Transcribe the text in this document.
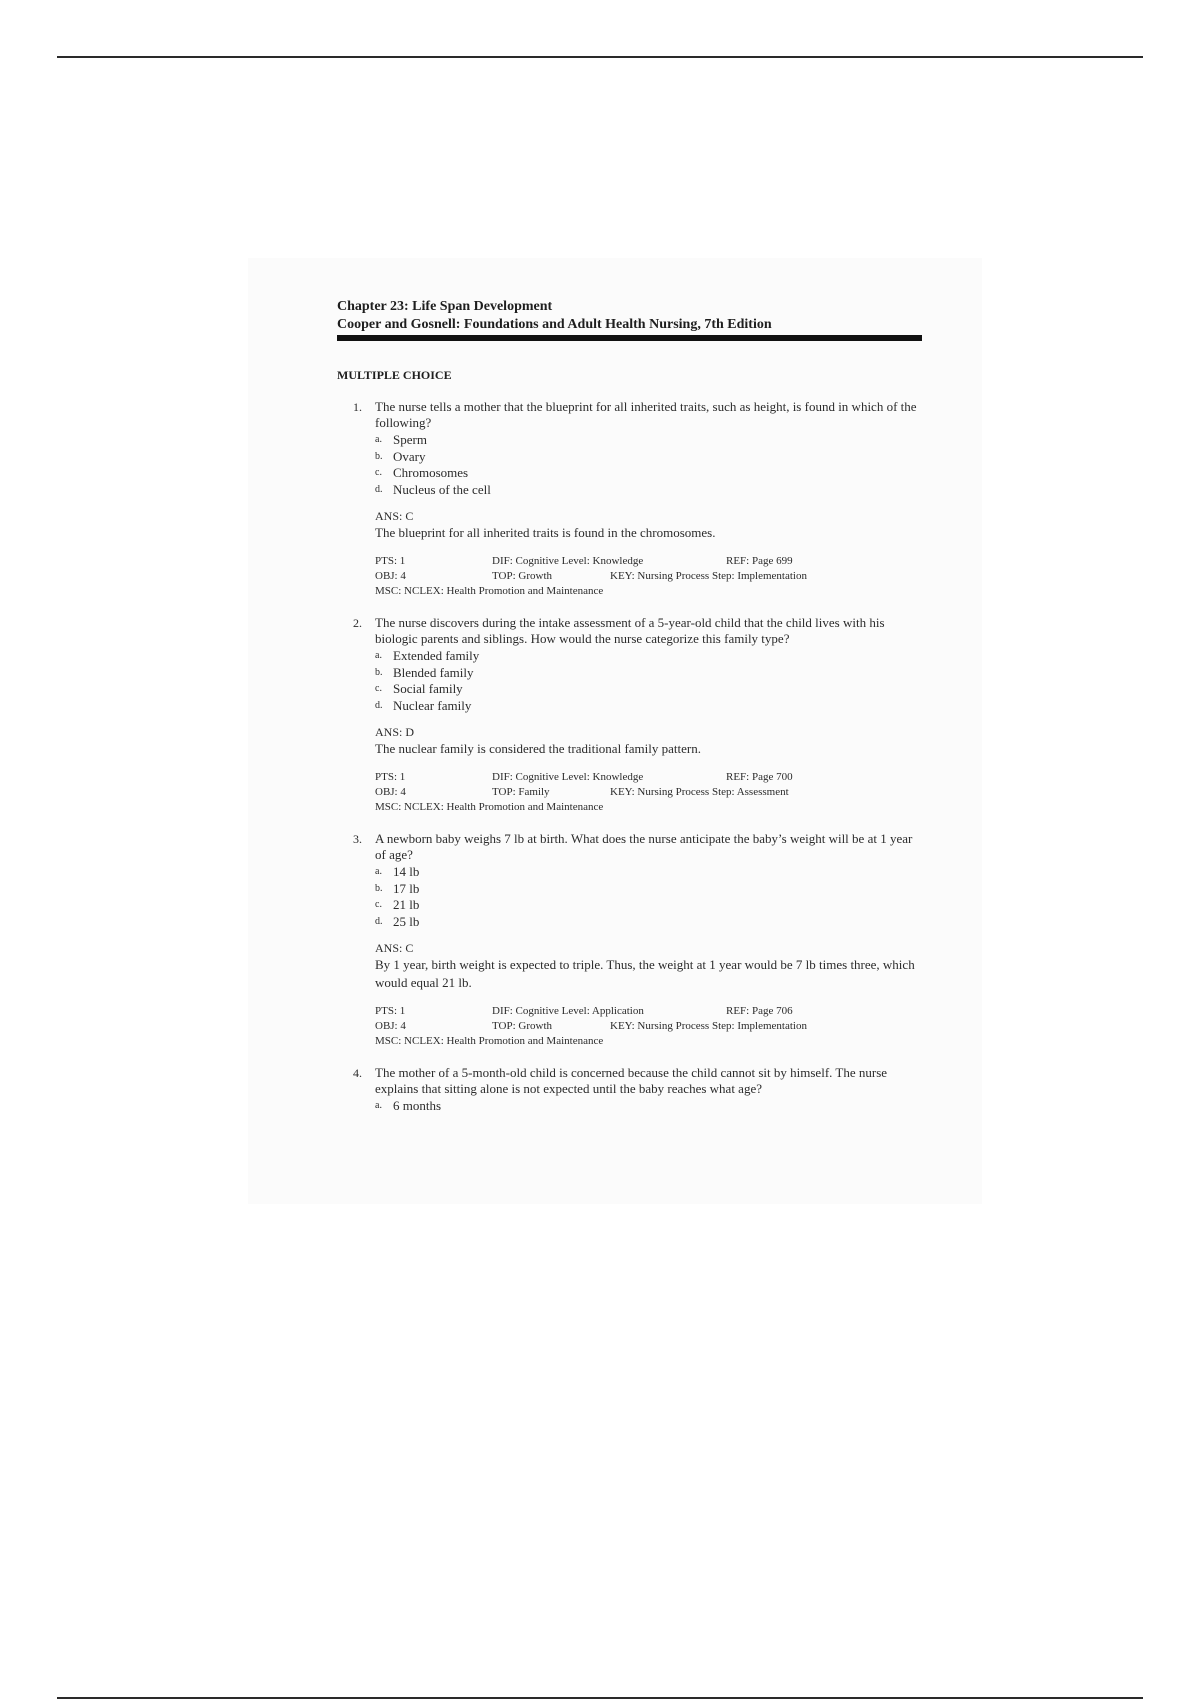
Chapter 23: Life Span Development
Cooper and Gosnell: Foundations and Adult Health Nursing, 7th Edition
MULTIPLE CHOICE
1. The nurse tells a mother that the blueprint for all inherited traits, such as height, is found in which of the following?
a. Sperm
b. Ovary
c. Chromosomes
d. Nucleus of the cell
ANS: C
The blueprint for all inherited traits is found in the chromosomes.
PTS: 1	DIF: Cognitive Level: Knowledge	REF: Page 699
OBJ: 4	TOP: Growth	KEY: Nursing Process Step: Implementation
MSC: NCLEX: Health Promotion and Maintenance
2. The nurse discovers during the intake assessment of a 5-year-old child that the child lives with his biologic parents and siblings. How would the nurse categorize this family type?
a. Extended family
b. Blended family
c. Social family
d. Nuclear family
ANS: D
The nuclear family is considered the traditional family pattern.
PTS: 1	DIF: Cognitive Level: Knowledge	REF: Page 700
OBJ: 4	TOP: Family	KEY: Nursing Process Step: Assessment
MSC: NCLEX: Health Promotion and Maintenance
3. A newborn baby weighs 7 lb at birth. What does the nurse anticipate the baby’s weight will be at 1 year of age?
a. 14 lb
b. 17 lb
c. 21 lb
d. 25 lb
ANS: C
By 1 year, birth weight is expected to triple. Thus, the weight at 1 year would be 7 lb times three, which would equal 21 lb.
PTS: 1	DIF: Cognitive Level: Application	REF: Page 706
OBJ: 4	TOP: Growth	KEY: Nursing Process Step: Implementation
MSC: NCLEX: Health Promotion and Maintenance
4. The mother of a 5-month-old child is concerned because the child cannot sit by himself. The nurse explains that sitting alone is not expected until the baby reaches what age?
a. 6 months
